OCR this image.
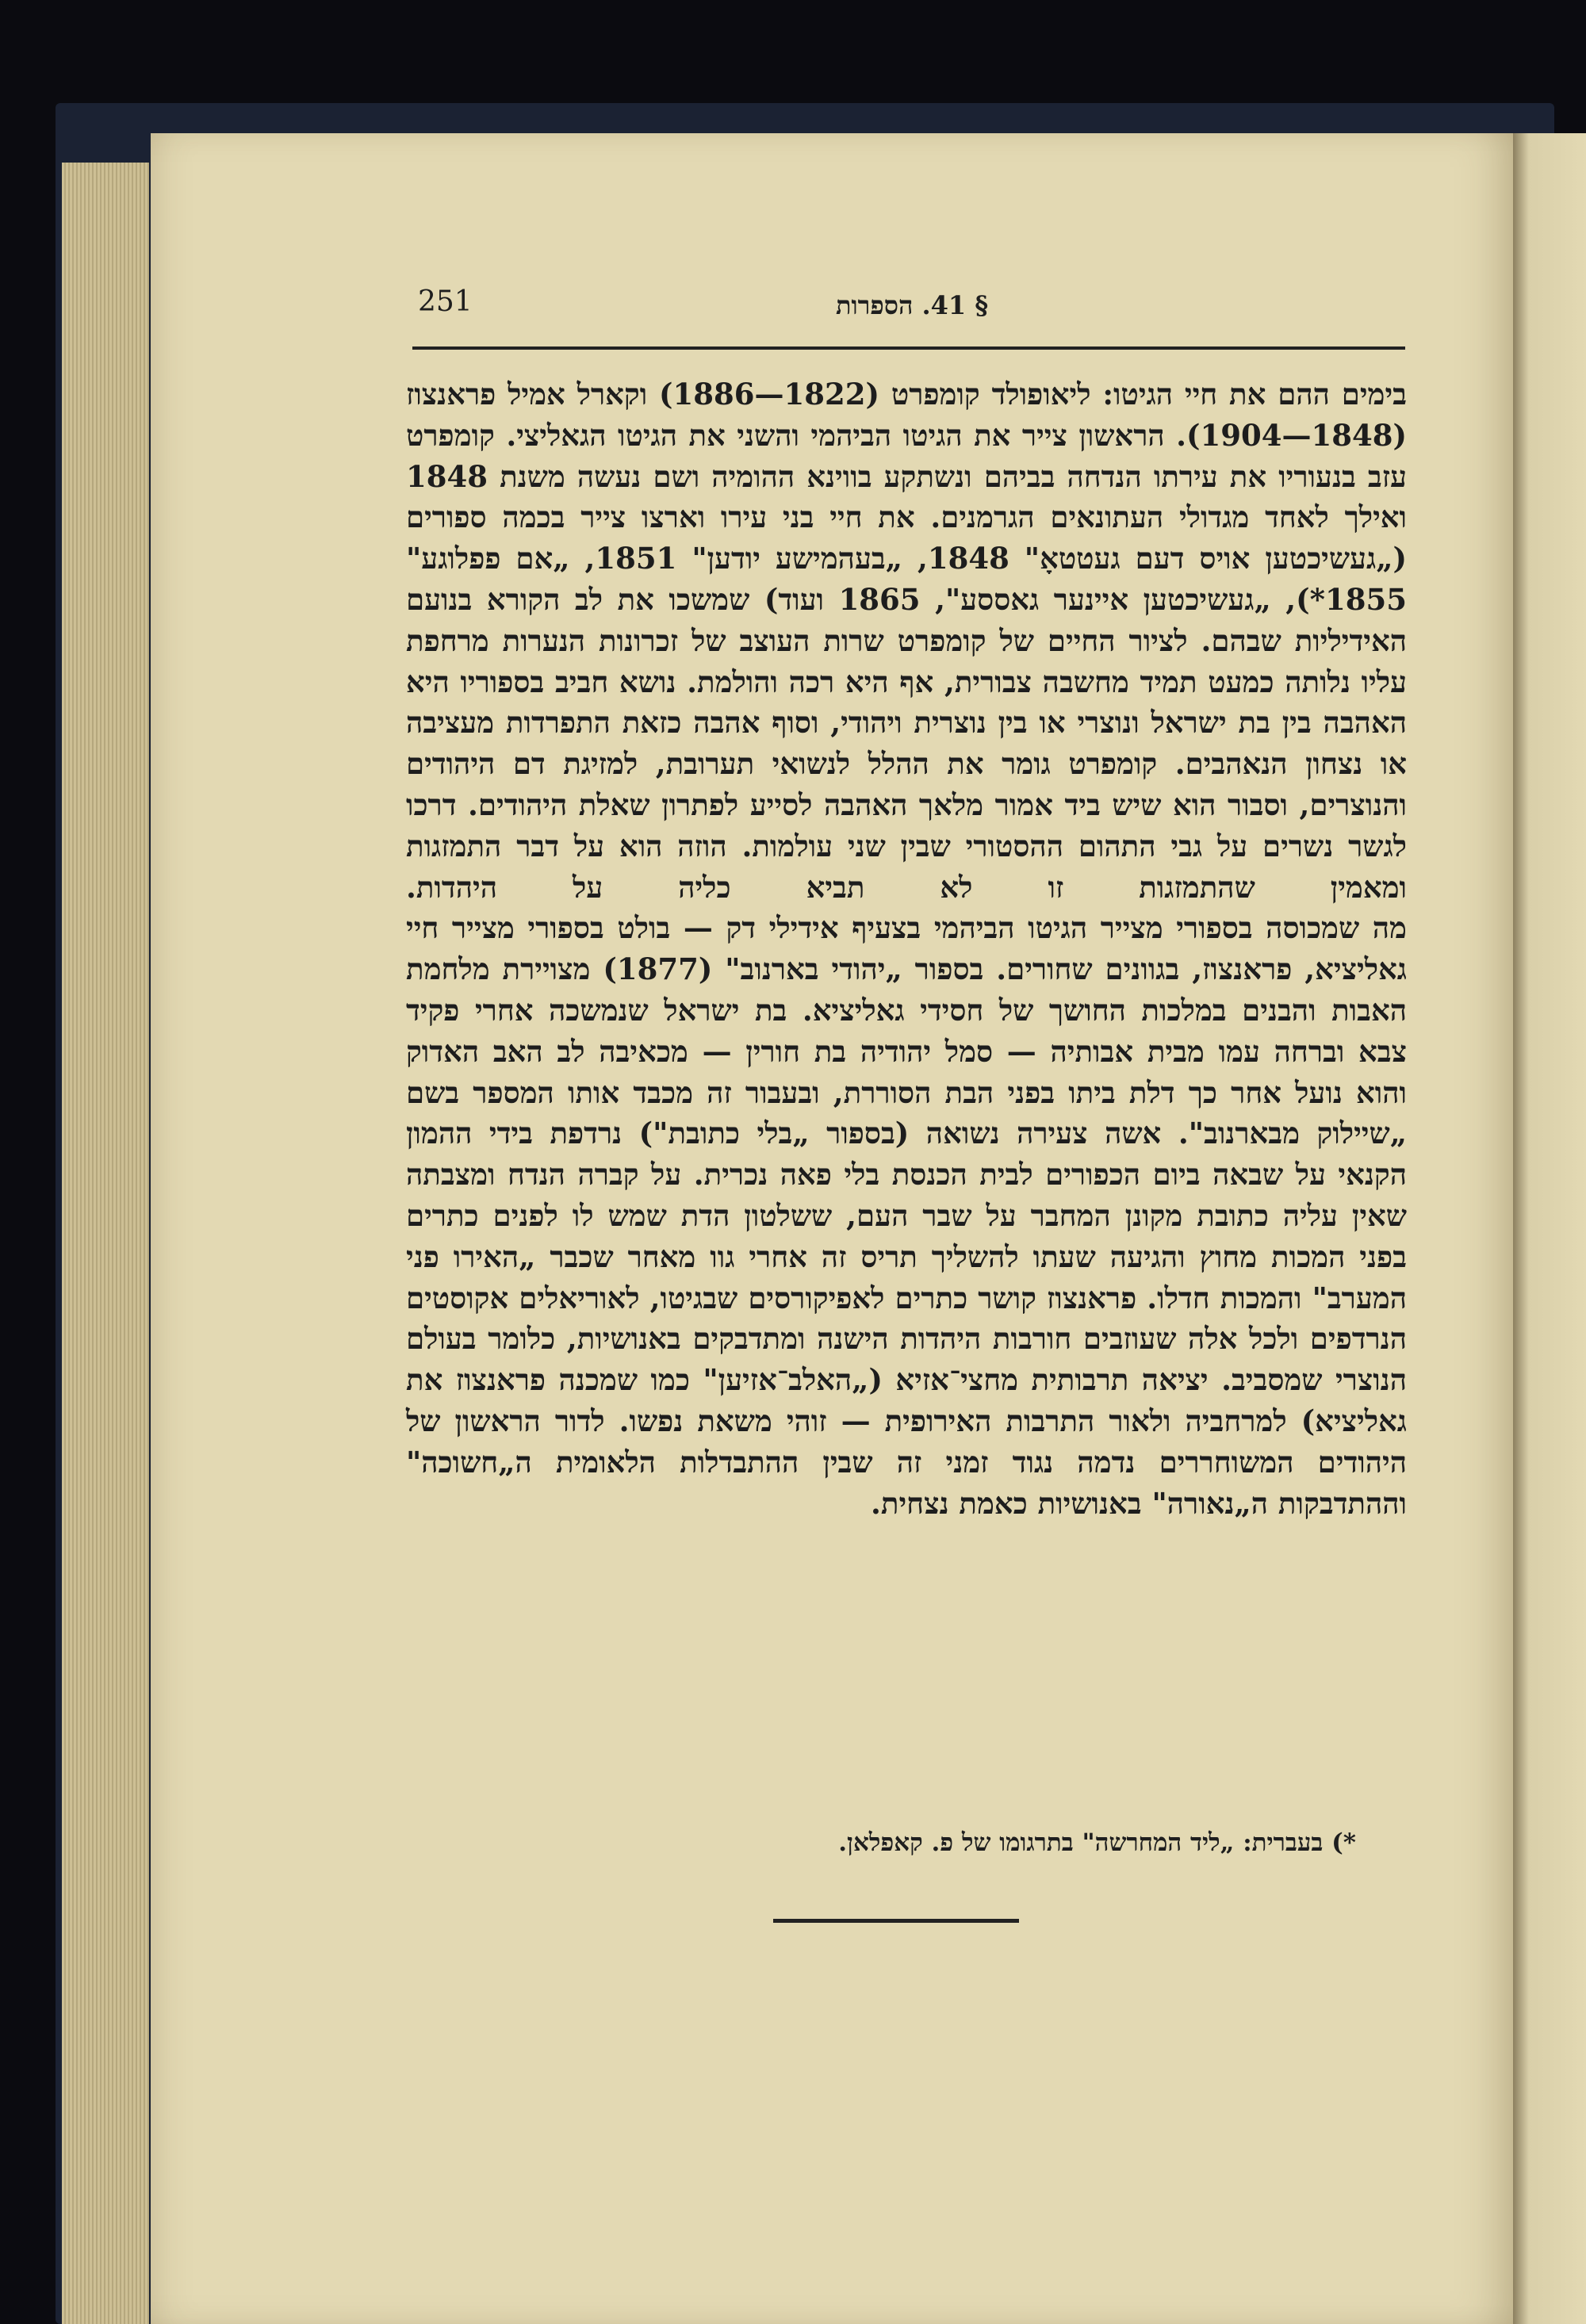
251	§ 41. הספרות

בימים ההם את חיי הגיטו: ליאופולד קומפרט (1822—1886) וקארל אמיל פראנצוז (1848—1904). הראשון צייר את הגיטו הביהמי והשני את הגיטו הגאליצי. קומפרט עזב בנעוריו את עירתו הנדחה בביהם ונשתקע בווינא ההומיה ושם נעשה משנת 1848 ואילך לאחד מגדולי העתונאים הגרמנים. את חיי בני עירו וארצו צייר בכמה ספורים („געשיכטען אויס דעם געטטאָ" 1848, „בעהמישע יודען" 1851, „אם פפלוגע" 1855*), „געשיכטען איינער גאססע", 1865 ועוד) שמשכו את לב הקורא בנועם האידיליות שבהם. לציור החיים של קומפרט שרות העוצב של זכרונות הנערות מרחפת עליו נלותה כמעט תמיד מחשבה צבורית, אף היא רכה והולמת. נושא חביב בספוריו היא האהבה בין בת ישראל ונוצרי או בין נוצרית ויהודי, וסוף אהבה כזאת התפרדות מעציבה או נצחון הנאהבים. קומפרט גומר את ההלל לנשואי תערובת, למזיגת דם היהודים והנוצרים, וסבור הוא שיש ביד אמור מלאך האהבה לסייע לפתרון שאלת היהודים. דרכו לגשר נשרים על גבי התהום ההסטורי שבין שני עולמות. הוזה הוא על דבר התמזגות ומאמין שהתמזגות זו לא תביא כליה על היהדות.

מה שמכוסה בספורי מצייר הגיטו הביהמי בצעיף אידילי דק — בולט בספורי מצייר חיי גאליציא, פראנצוז, בגוונים שחורים. בספור „יהודי בארנוב" (1877) מצויירת מלחמת האבות והבנים במלכות החושך של חסידי גאליציא. בת ישראל שנמשכה אחרי פקיד צבא וברחה עמו מבית אבותיה — סמל יהודיה בת חורין — מכאיבה לב האב האדוק והוא נועל אחר כך דלת ביתו בפני הבת הסוררת, ובעבור זה מכבד אותו המספר בשם „שיילוק מבארנוב". אשה צעירה נשואה (בספור „בלי כתובת") נרדפת בידי ההמון הקנאי על שבאה ביום הכפורים לבית הכנסת בלי פאה נכרית. על קברה הנדח ומצבתה שאין עליה כתובת מקונן המחבר על שבר העם, ששלטון הדת שמש לו לפנים כתרים בפני המכות מחוץ והגיעה שעתו להשליך תריס זה אחרי גוו מאחר שכבר „האירו פני המערב" והמכות חדלו. פראנצוז קושר כתרים לאפיקורסים שבגיטו, לאוריאלים אקוסטים הנרדפים ולכל אלה שעוזבים חורבות היהדות הישנה ומתדבקים באנושיות, כלומר בעולם הנוצרי שמסביב. יציאה תרבותית מחצי־אזיא („האלב־אזיען" כמו שמכנה פראנצוז את גאליציא) למרחביה ולאור התרבות האירופית — זוהי משאת נפשו. לדור הראשון של היהודים המשוחררים נדמה נגוד זמני זה שבין ההתבדלות הלאומית ה„חשוכה" וההתדבקות ה„נאורה" באנושיות כאמת נצחית.

*) בעברית: „ליד המחרשה" בתרגומו של פ. קאפלאן.
